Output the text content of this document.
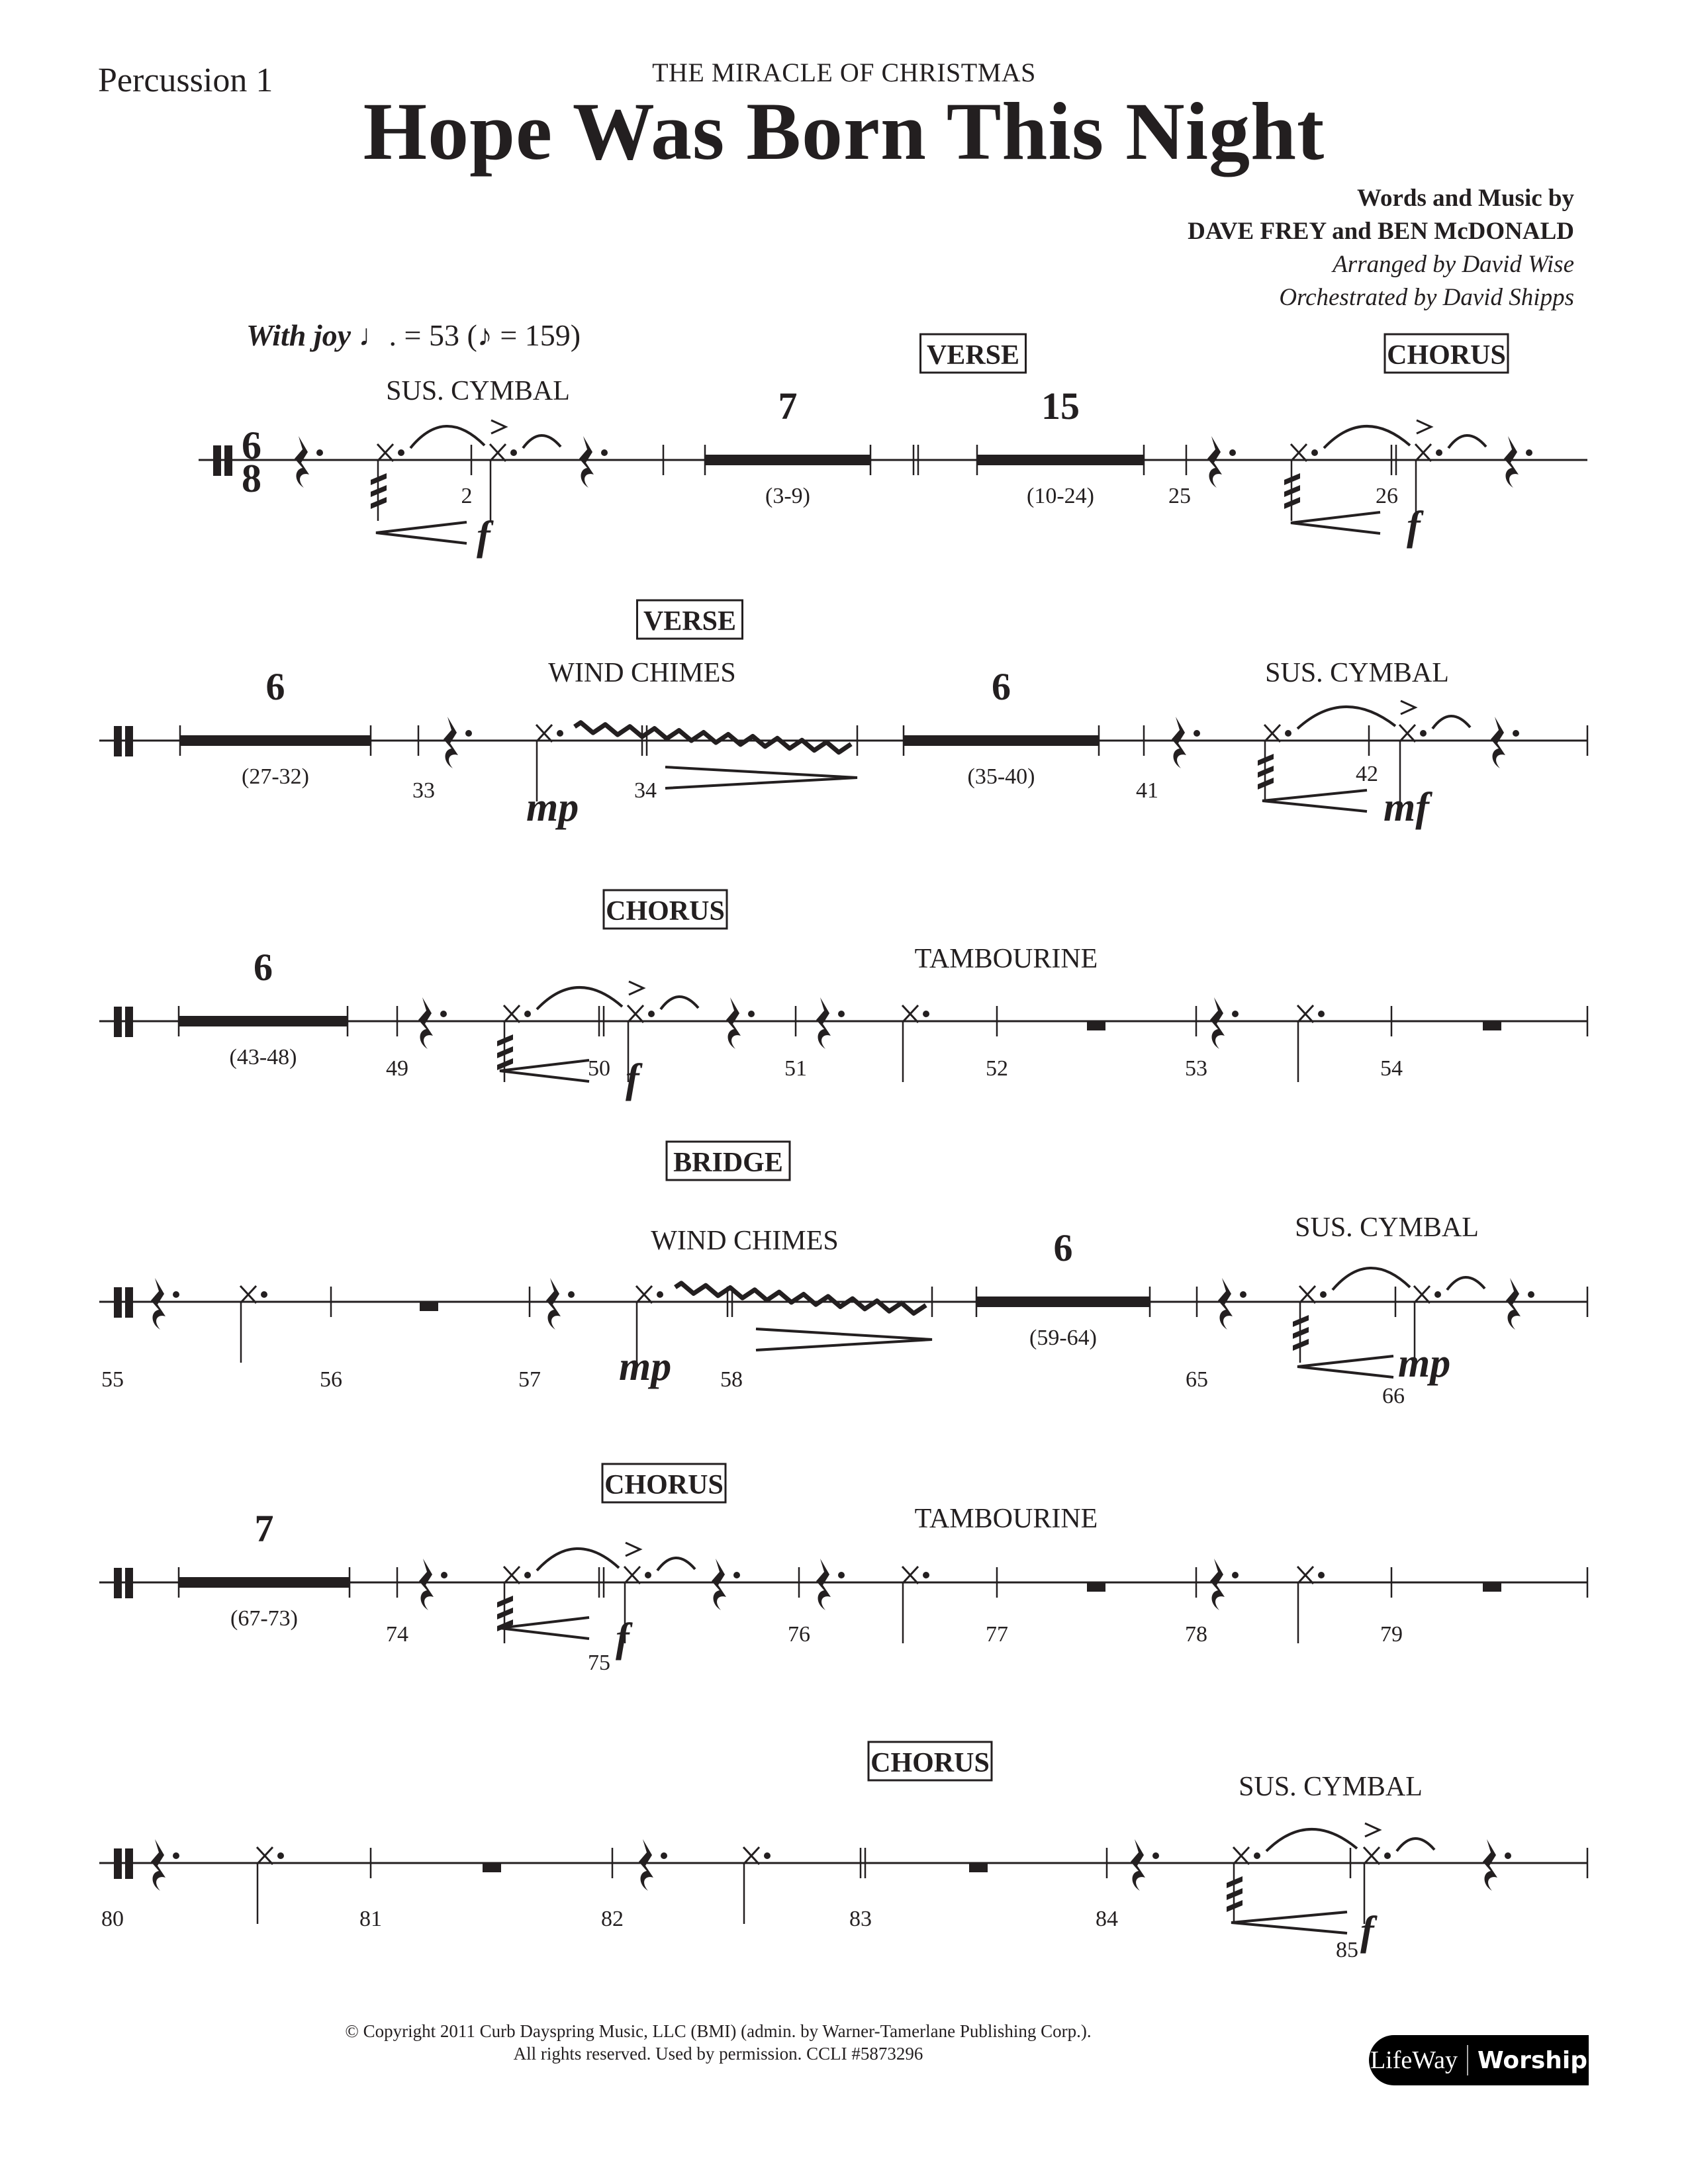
Percussion 1	THE MIRACLE OF CHRISTMAS
Hope Was Born This Night
Words and Music by
DAVE FREY and BEN McDONALD
Arranged by David Wise
Orchestrated by David Shipps
With joy ♩. = 53 (♪ = 159)
6
8
7
(3-9)
15
(10-24)
f	f
2	25	26
VERSE	CHORUS
SUS. CYMBAL
6
(27-32)
6
(35-40)
mp	mf
33	34	41
42
VERSE
WIND CHIMES	SUS. CYMBAL
6
(43-48)	f
49	50	51	52	53	54
CHORUS
TAMBOURINE
6
(59-64)
mp	mp
55	56	57	58	65
66
BRIDGE
WIND CHIMES	SUS. CYMBAL
7
(67-73)	f
74
75
76	77	78	79
CHORUS
TAMBOURINE
f
80	81	82	83	84
85
CHORUS
SUS. CYMBAL
© Copyright 2011 Curb Dayspring Music, LLC (BMI) (admin. by Warner-Tamerlane Publishing Corp.).
All rights reserved. Used by permission. CCLI #5873296	LifeWay Worship
